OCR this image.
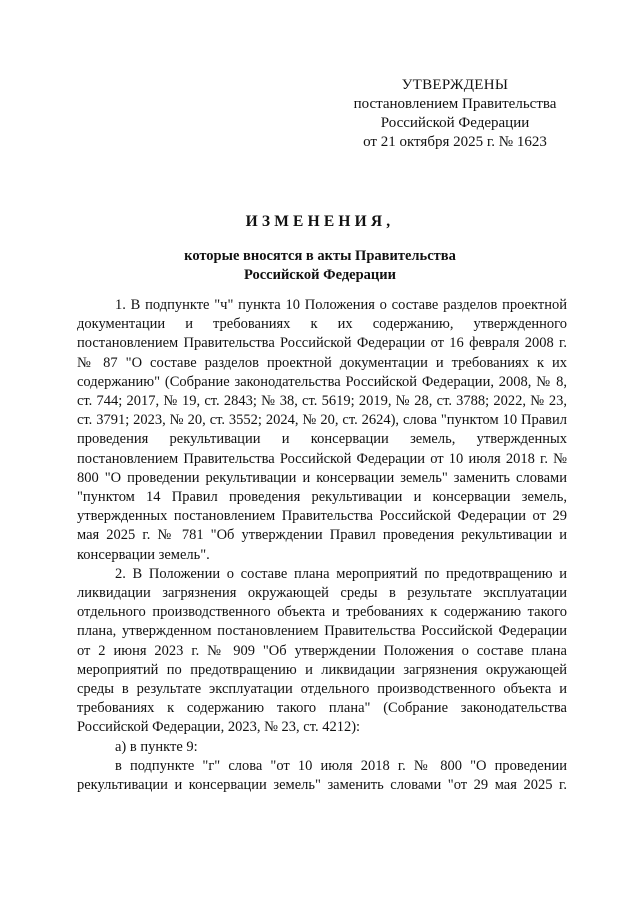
УТВЕРЖДЕНЫ
постановлением Правительства
Российской Федерации
от 21 октября 2025 г. № 1623
ИЗМЕНЕНИЯ,
которые вносятся в акты Правительства
Российской Федерации

1. В подпункте "ч" пункта 10 Положения о составе разделов проектной документации и требованиях к их содержанию, утвержденного постановлением Правительства Российской Федерации от 16 февраля 2008 г. № 87 "О составе разделов проектной документации и требованиях к их содержанию" (Собрание законодательства Российской Федерации, 2008, № 8, ст. 744; 2017, № 19, ст. 2843; № 38, ст. 5619; 2019, № 28, ст. 3788; 2022, № 23, ст. 3791; 2023, № 20, ст. 3552; 2024, № 20, ст. 2624), слова "пунктом 10 Правил проведения рекультивации и консервации земель, утвержденных постановлением Правительства Российской Федерации от 10 июля 2018 г. № 800 "О проведении рекультивации и консервации земель" заменить словами "пунктом 14 Правил проведения рекультивации и консервации земель, утвержденных постановлением Правительства Российской Федерации от 29 мая 2025 г. № 781 "Об утверждении Правил проведения рекультивации и консервации земель".

2. В Положении о составе плана мероприятий по предотвращению и ликвидации загрязнения окружающей среды в результате эксплуатации отдельного производственного объекта и требованиях к содержанию такого плана, утвержденном постановлением Правительства Российской Федерации от 2 июня 2023 г. № 909 "Об утверждении Положения о составе плана мероприятий по предотвращению и ликвидации загрязнения окружающей среды в результате эксплуатации отдельного производственного объекта и требованиях к содержанию такого плана" (Собрание законодательства Российской Федерации, 2023, № 23, ст. 4212):

а) в пункте 9:

в подпункте "г" слова "от 10 июля 2018 г. № 800 "О проведении рекультивации и консервации земель" заменить словами "от 29 мая 2025 г.
